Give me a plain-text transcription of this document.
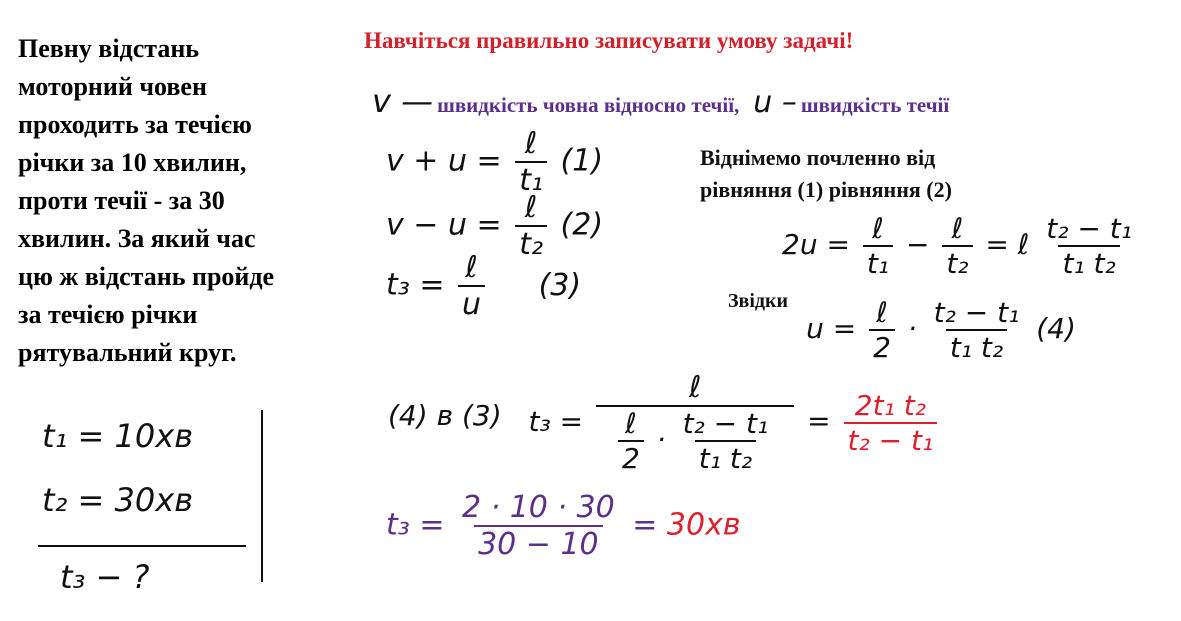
Певну відстань
моторний човен
проходить за течією
річки за 10 хвилин,
проти течії - за 30
хвилин. За який час
цю ж відстань пройде
за течією річки
рятувальний круг.
Навчіться правильно записувати умову задачі!
v — швидкість човна відносно течії, u – швидкість течії
$v + u = \frac{\text{ℓ}}{\text{t₁}} (1)$
$v - u = \frac{\text{ℓ}}{\text{t₂}} (2)$
$t_3 = \frac{\text{ℓ}}{u} (3)$
Віднімемо почленно від
рівняння (1) рівняння (2)
$2u = \frac{\text{ℓ}}{\text{t₁}} - \frac{\text{ℓ}}{\text{t₂}}$ = ℓ $\frac{\text{t₂ − t₁}}{\text{t₁ t₂}}$
Звідки $u = \frac{\text{ℓ}}{2} \cdot \frac{\text{t₂ − t₁}}{\text{t₁ t₂}} (4)$
(4) в (3) t₃ =
ℓ
$\frac{\text{ℓ}}{2} \cdot \frac{\text{t₂ − t₁}}{\text{t₁ t₂}} = \frac{\text{2t₁ t₂}}{\text{t₂ − t₁}}$
$t_3 = \frac{2 \cdot 10 \cdot 30}{30 - 10} = 30хв$
t₁ = 10хв
t₂ = 30хв
t₃ − ?
